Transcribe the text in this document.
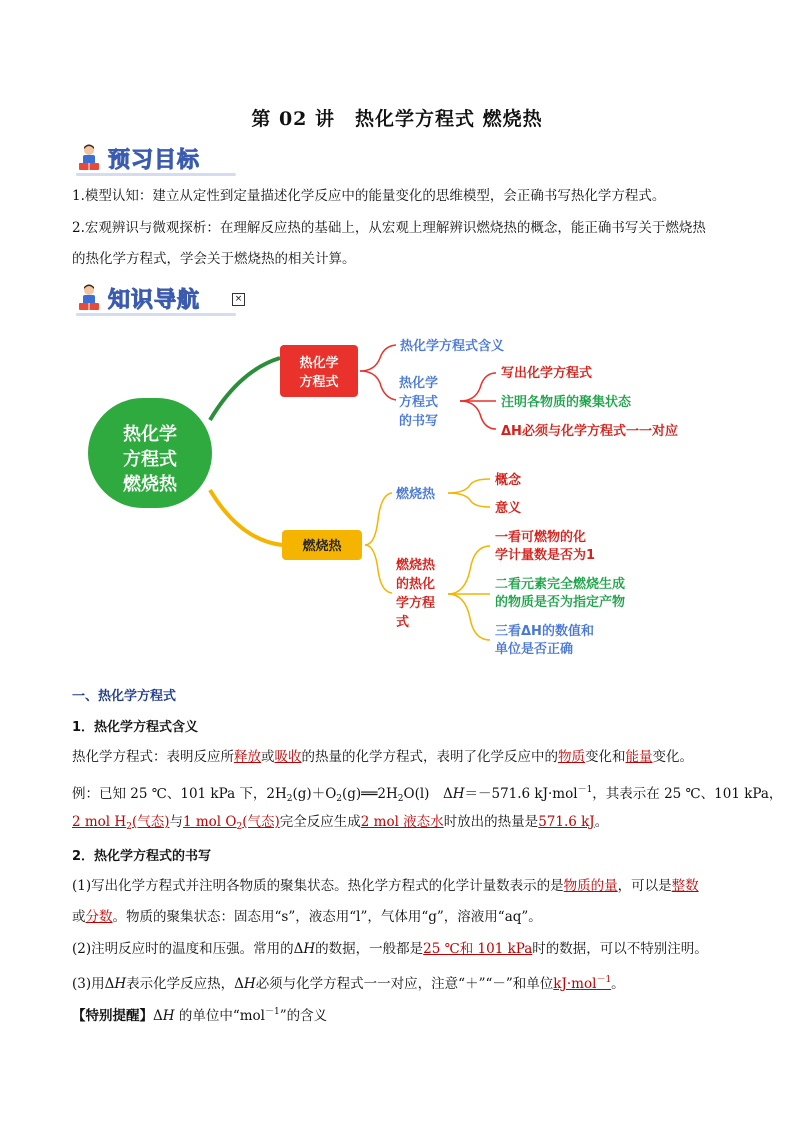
第 02 讲　热化学方程式 燃烧热
预习目标
1.模型认知：建立从定性到定量描述化学反应中的能量变化的思维模型，会正确书写热化学方程式。
2.宏观辨识与微观探析：在理解反应热的基础上，从宏观上理解辨识燃烧热的概念，能正确书写关于燃烧热
的热化学方程式，学会关于燃烧热的相关计算。
知识导航	×
热化学
方程式
燃烧热
热化学
方程式
燃烧热
热化学方程式含义
热化学
方程式
的书写
写出化学方程式
注明各物质的聚集状态
ΔH必须与化学方程式一一对应
燃烧热
概念
意义
燃烧热
的热化
学方程
式
一看可燃物的化
学计量数是否为1
二看元素完全燃烧生成
的物质是否为指定产物
三看ΔH的数值和
单位是否正确
一、热化学方程式
1．热化学方程式含义
热化学方程式：表明反应所释放或吸收的热量的化学方程式，表明了化学反应中的物质变化和能量变化。
例：已知 25 ℃、101 kPa 下，$2H_2(g)+O_2(g)══2H_2O(l)$　ΔH＝－571.6 kJ·mol$^{-1}$，其表示在 25 ℃、101 kPa，
2 mol $H_2$(气态)与1 mol $O_2$(气态)完全反应生成2 mol 液态水时放出的热量是571.6 kJ。
2．热化学方程式的书写
(1)写出化学方程式并注明各物质的聚集状态。热化学方程式的化学计量数表示的是物质的量，可以是整数
或分数。物质的聚集状态：固态用“s”，液态用“l”，气体用“g”，溶液用“aq”。
(2)注明反应时的温度和压强。常用的ΔH的数据，一般都是25 ℃和 101 kPa时的数据，可以不特别注明。
(3)用ΔH表示化学反应热，ΔH必须与化学方程式一一对应，注意“＋”“－”和单位kJ·mol$^{-1}$。
【特别提醒】ΔH 的单位中“mol$^{-1}$”的含义
